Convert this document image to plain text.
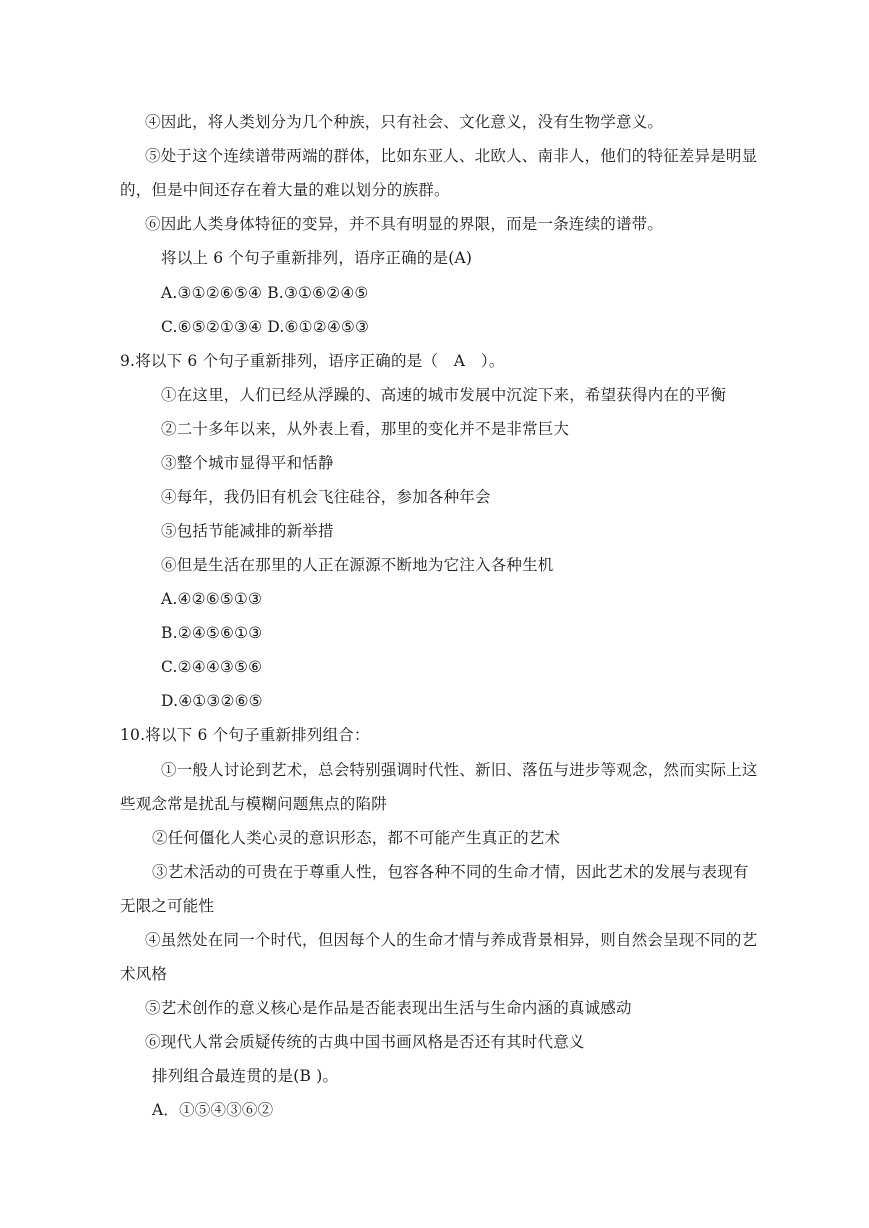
④因此，将人类划分为几个种族，只有社会、文化意义，没有生物学意义。
⑤处于这个连续谱带两端的群体，比如东亚人、北欧人、南非人，他们的特征差异是明显
的，但是中间还存在着大量的难以划分的族群。
⑥因此人类身体特征的变异，并不具有明显的界限，而是一条连续的谱带。
将以上 6 个句子重新排列，语序正确的是(A)
A.③①②⑥⑤④ B.③①⑥②④⑤
C.⑥⑤②①③④ D.⑥①②④⑤③
9.将以下 6 个句子重新排列，语序正确的是（　A　）。
①在这里，人们已经从浮躁的、高速的城市发展中沉淀下来，希望获得内在的平衡
②二十多年以来，从外表上看，那里的变化并不是非常巨大
③整个城市显得平和恬静
④每年，我仍旧有机会飞往硅谷，参加各种年会
⑤包括节能减排的新举措
⑥但是生活在那里的人正在源源不断地为它注入各种生机
A.④②⑥⑤①③
B.②④⑤⑥①③
C.②④④③⑤⑥
D.④①③②⑥⑤
10.将以下 6 个句子重新排列组合：
①一般人讨论到艺术，总会特别强调时代性、新旧、落伍与进步等观念，然而实际上这
些观念常是扰乱与模糊问题焦点的陷阱
②任何僵化人类心灵的意识形态，都不可能产生真正的艺术
③艺术活动的可贵在于尊重人性，包容各种不同的生命才情，因此艺术的发展与表现有
无限之可能性
④虽然处在同一个时代，但因每个人的生命才情与养成背景相异，则自然会呈现不同的艺
术风格
⑤艺术创作的意义核心是作品是否能表现出生活与生命内涵的真诚感动
⑥现代人常会质疑传统的古典中国书画风格是否还有其时代意义
排列组合最连贯的是(B )。
A．①⑤④③⑥②
